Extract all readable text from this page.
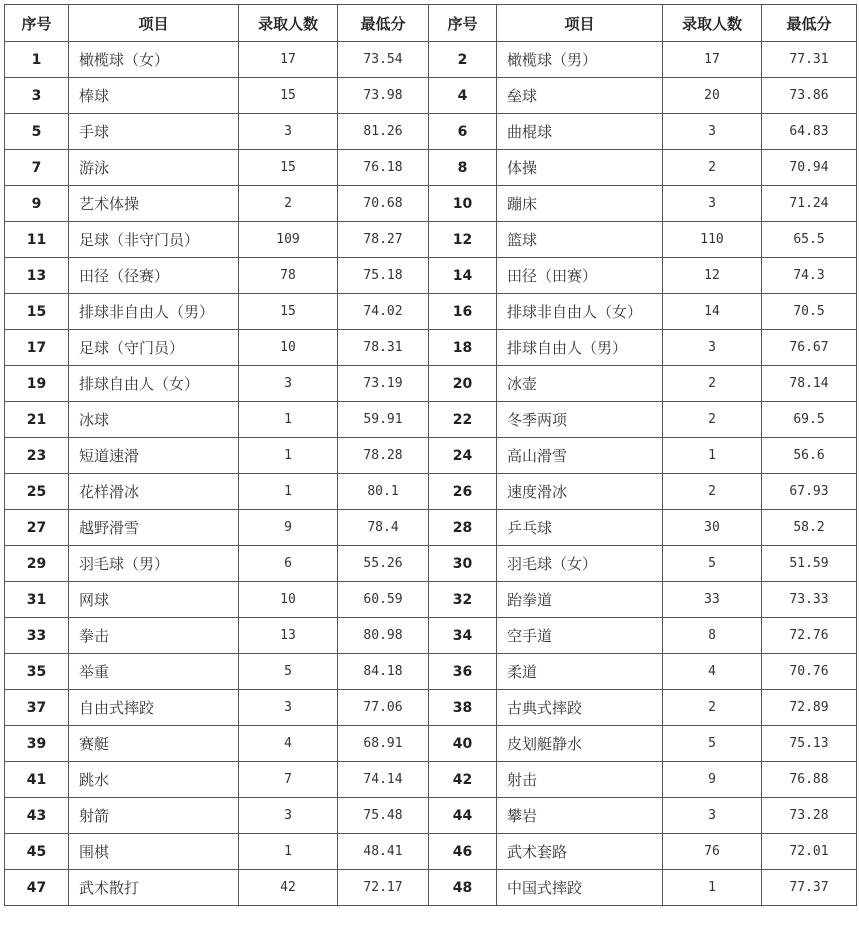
序号	项目	录取人数	最低分	序号	项目	录取人数	最低分
1	橄榄球（女）	17	73.54	2	橄榄球（男）	17	77.31
3	棒球	15	73.98	4	垒球	20	73.86
5	手球	3	81.26	6	曲棍球	3	64.83
7	游泳	15	76.18	8	体操	2	70.94
9	艺术体操	2	70.68	10	蹦床	3	71.24
11	足球（非守门员）	109	78.27	12	篮球	110	65.5
13	田径（径赛）	78	75.18	14	田径（田赛）	12	74.3
15	排球非自由人（男）	15	74.02	16	排球非自由人（女）	14	70.5
17	足球（守门员）	10	78.31	18	排球自由人（男）	3	76.67
19	排球自由人（女）	3	73.19	20	冰壶	2	78.14
21	冰球	1	59.91	22	冬季两项	2	69.5
23	短道速滑	1	78.28	24	高山滑雪	1	56.6
25	花样滑冰	1	80.1	26	速度滑冰	2	67.93
27	越野滑雪	9	78.4	28	乒乓球	30	58.2
29	羽毛球（男）	6	55.26	30	羽毛球（女）	5	51.59
31	网球	10	60.59	32	跆拳道	33	73.33
33	拳击	13	80.98	34	空手道	8	72.76
35	举重	5	84.18	36	柔道	4	70.76
37	自由式摔跤	3	77.06	38	古典式摔跤	2	72.89
39	赛艇	4	68.91	40	皮划艇静水	5	75.13
41	跳水	7	74.14	42	射击	9	76.88
43	射箭	3	75.48	44	攀岩	3	73.28
45	围棋	1	48.41	46	武术套路	76	72.01
47	武术散打	42	72.17	48	中国式摔跤	1	77.37
